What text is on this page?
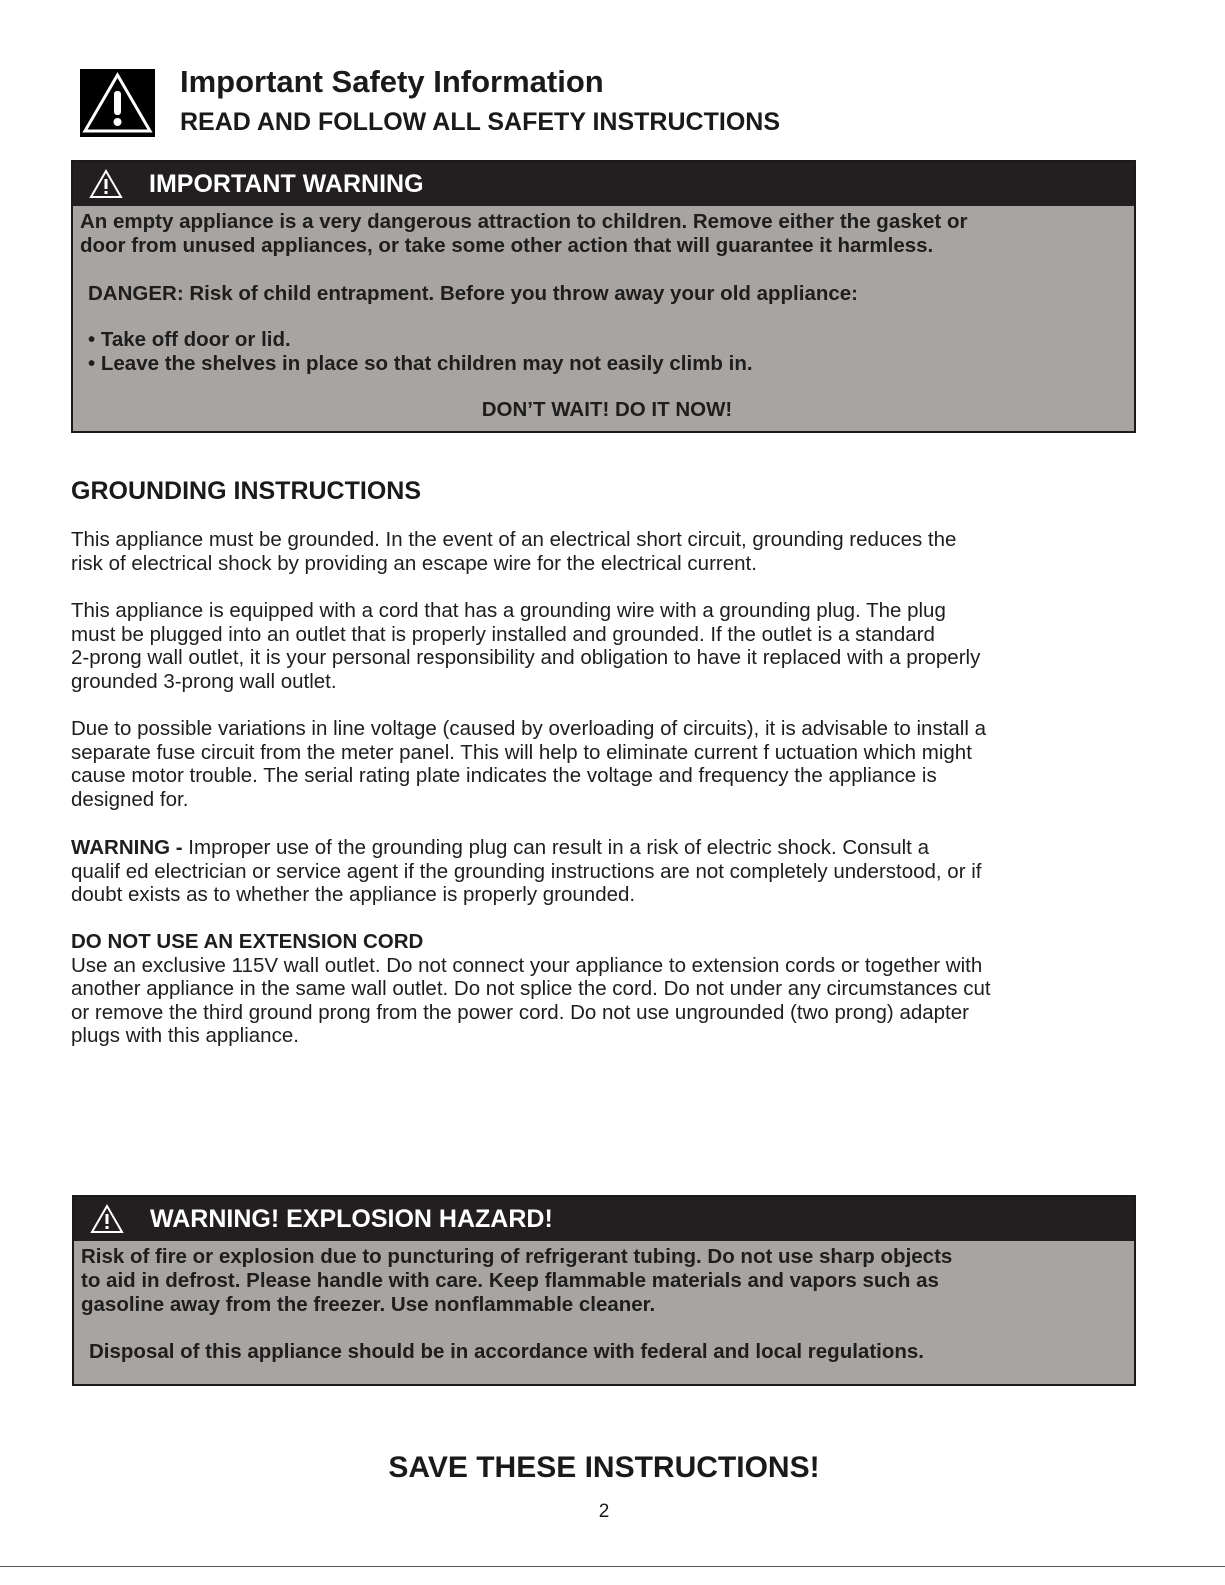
Important Safety Information
READ AND FOLLOW ALL SAFETY INSTRUCTIONS
IMPORTANT WARNING

An empty appliance is a very dangerous attraction to children. Remove either the gasket or

door from unused appliances, or take some other action that will guarantee it harmless.

DANGER: Risk of child entrapment. Before you throw away your old appliance:

• Take off door or lid.

• Leave the shelves in place so that children may not easily climb in.

DON’T WAIT! DO IT NOW!

GROUNDING INSTRUCTIONS

This appliance must be grounded. In the event of an electrical short circuit, grounding reduces the

risk of electrical shock by providing an escape wire for the electrical current.

This appliance is equipped with a cord that has a grounding wire with a grounding plug. The plug

must be plugged into an outlet that is properly installed and grounded. If the outlet is a standard

2-prong wall outlet, it is your personal responsibility and obligation to have it replaced with a properly

grounded 3-prong wall outlet.

Due to possible variations in line voltage (caused by overloading of circuits), it is advisable to install a

separate fuse circuit from the meter panel. This will help to eliminate current f uctuation which might

cause motor trouble. The serial rating plate indicates the voltage and frequency the appliance is

designed for.

WARNING - Improper use of the grounding plug can result in a risk of electric shock. Consult a

qualif ed electrician or service agent if the grounding instructions are not completely understood, or if

doubt exists as to whether the appliance is properly grounded.

DO NOT USE AN EXTENSION CORD

Use an exclusive 115V wall outlet. Do not connect your appliance to extension cords or together with

another appliance in the same wall outlet. Do not splice the cord. Do not under any circumstances cut

or remove the third ground prong from the power cord. Do not use ungrounded (two prong) adapter

plugs with this appliance.

WARNING! EXPLOSION HAZARD!

Risk of fire or explosion due to puncturing of refrigerant tubing. Do not use sharp objects

to aid in defrost. Please handle with care. Keep flammable materials and vapors such as

gasoline away from the freezer. Use nonflammable cleaner.

Disposal of this appliance should be in accordance with federal and local regulations.

SAVE THESE INSTRUCTIONS!
2
